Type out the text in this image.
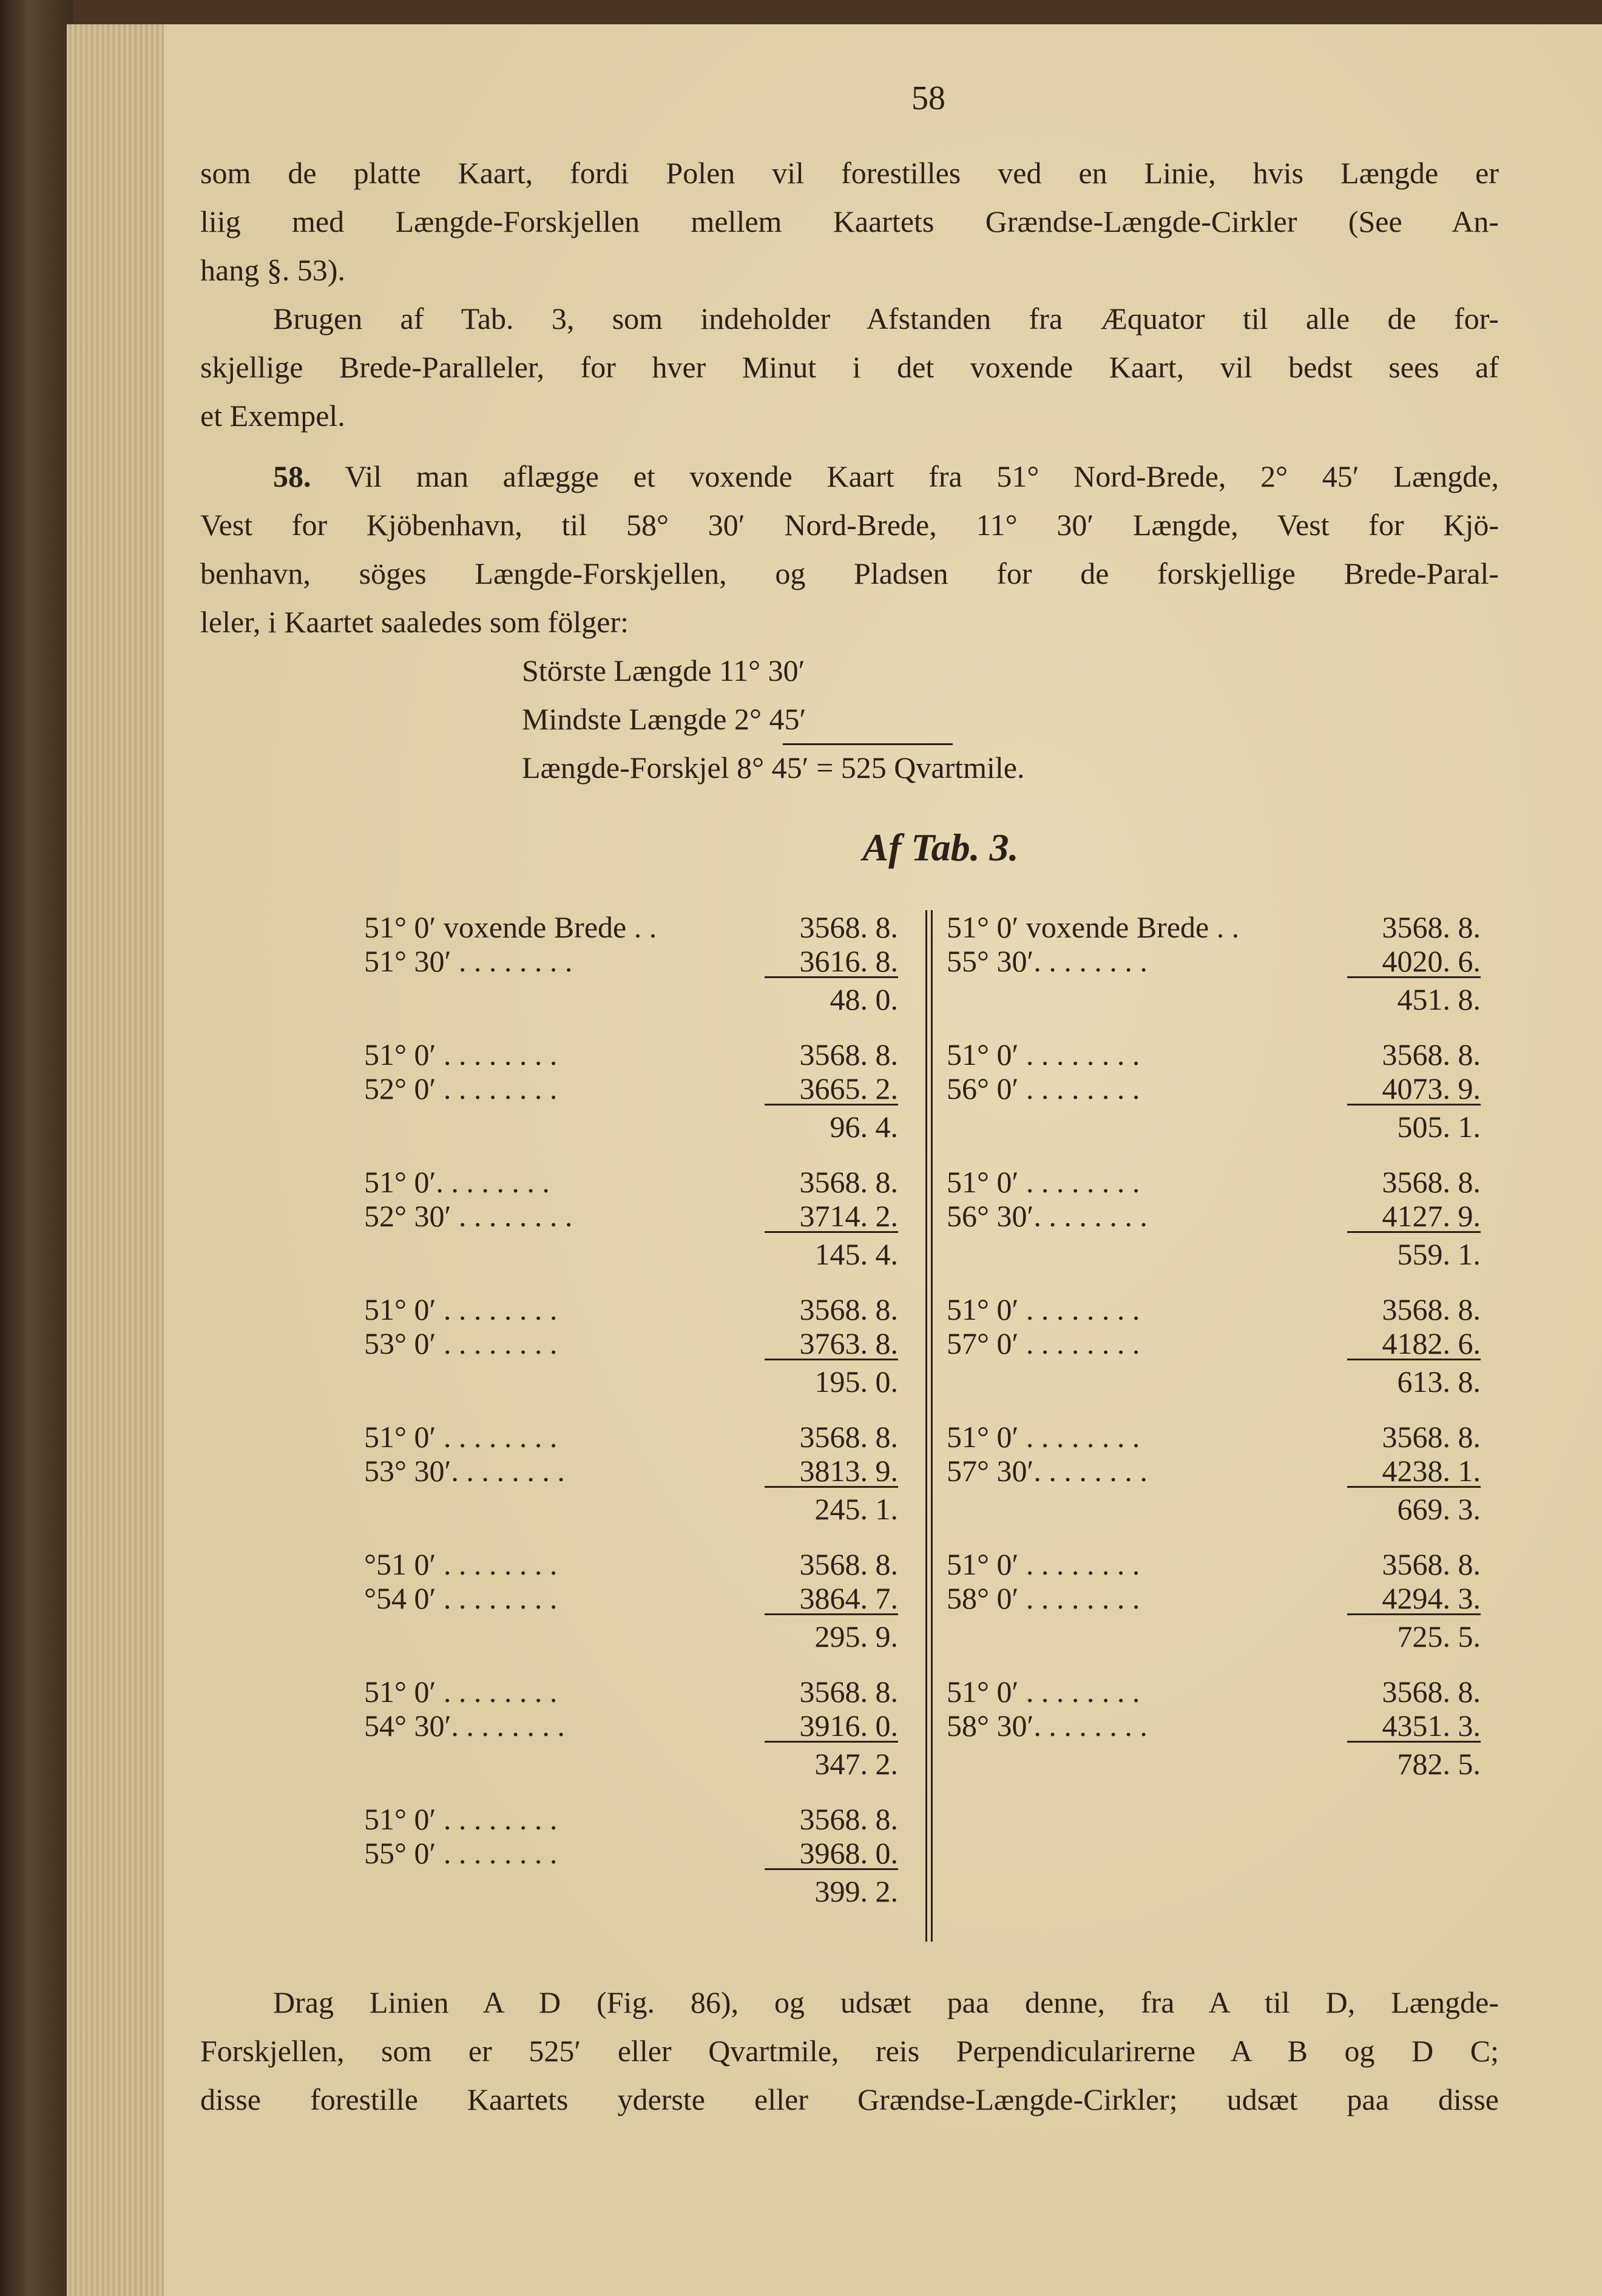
58
som de platte Kaart, fordi Polen vil forestilles ved en Linie, hvis Længde er
liig med Længde-Forskjellen mellem Kaartets Grændse-Længde-Cirkler (See An-
hang §. 53).
Brugen af Tab. 3, som indeholder Afstanden fra Æquator til alle de for-
skjellige Brede-Paralleler, for hver Minut i det voxende Kaart, vil bedst sees af
et Exempel.
58. Vil man aflægge et voxende Kaart fra 51° Nord-Brede, 2° 45′ Længde,
Vest for Kjöbenhavn, til 58° 30′ Nord-Brede, 11° 30′ Længde, Vest for Kjö-
benhavn, söges Længde-Forskjellen, og Pladsen for de forskjellige Brede-Paral-
leler, i Kaartet saaledes som fölger:
Störste Længde 11° 30′
Mindste Længde 2° 45′
Længde-Forskjel 8° 45′ = 525 Qvartmile.
Af Tab. 3.
51° 0′ voxende Brede . .	3568. 8.
51° 30′ . . . . . . . .	3616. 8.
48. 0.
51° 0′ . . . . . . . .	3568. 8.
52° 0′ . . . . . . . .	3665. 2.
96. 4.
51° 0′. . . . . . . .	3568. 8.
52° 30′ . . . . . . . .	3714. 2.
145. 4.
51° 0′ . . . . . . . .	3568. 8.
53° 0′ . . . . . . . .	3763. 8.
195. 0.
51° 0′ . . . . . . . .	3568. 8.
53° 30′. . . . . . . .	3813. 9.
245. 1.
°51 0′ . . . . . . . .	3568. 8.
°54 0′ . . . . . . . .	3864. 7.
295. 9.
51° 0′ . . . . . . . .	3568. 8.
54° 30′. . . . . . . .	3916. 0.
347. 2.
51° 0′ . . . . . . . .	3568. 8.
55° 0′ . . . . . . . .	3968. 0.
399. 2.
51° 0′ voxende Brede . .	3568. 8.
55° 30′. . . . . . . .	4020. 6.
451. 8.
51° 0′ . . . . . . . .	3568. 8.
56° 0′ . . . . . . . .	4073. 9.
505. 1.
51° 0′ . . . . . . . .	3568. 8.
56° 30′. . . . . . . .	4127. 9.
559. 1.
51° 0′ . . . . . . . .	3568. 8.
57° 0′ . . . . . . . .	4182. 6.
613. 8.
51° 0′ . . . . . . . .	3568. 8.
57° 30′. . . . . . . .	4238. 1.
669. 3.
51° 0′ . . . . . . . .	3568. 8.
58° 0′ . . . . . . . .	4294. 3.
725. 5.
51° 0′ . . . . . . . .	3568. 8.
58° 30′. . . . . . . .	4351. 3.
782. 5.
Drag Linien A D (Fig. 86), og udsæt paa denne, fra A til D, Længde-
Forskjellen, som er 525′ eller Qvartmile, reis Perpendicularirerne A B og D C;
disse forestille Kaartets yderste eller Grændse-Længde-Cirkler; udsæt paa disse
